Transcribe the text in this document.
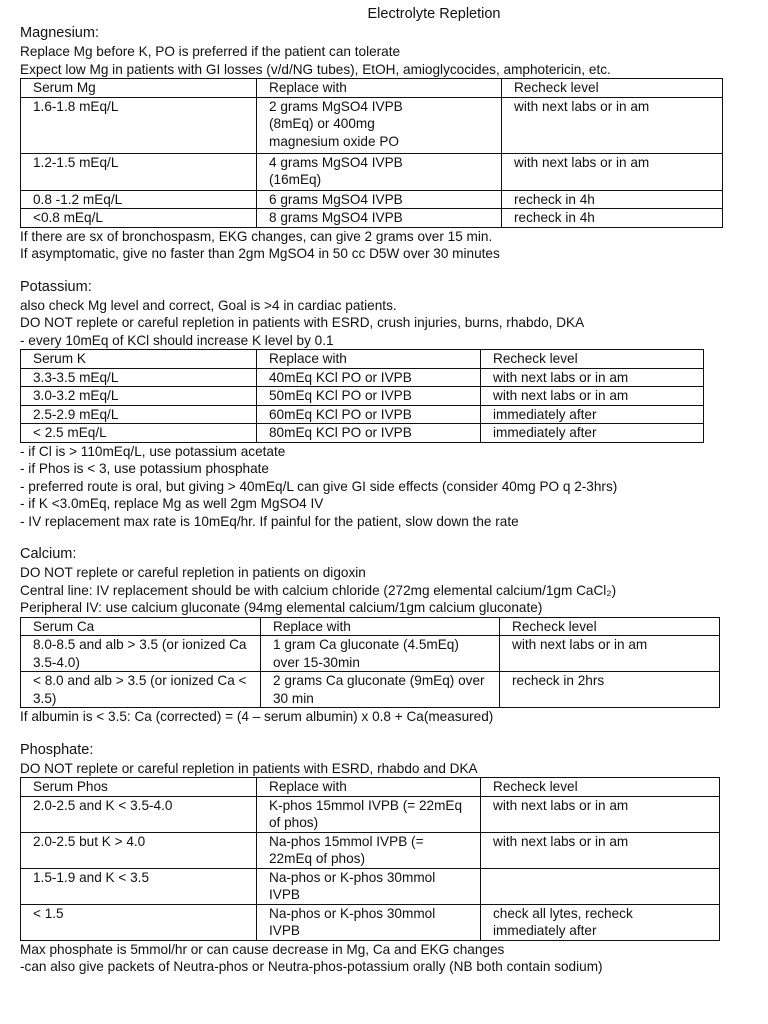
Electrolyte Repletion
Magnesium:
Replace Mg before K, PO is preferred if the patient can tolerate
Expect low Mg in patients with GI losses (v/d/NG tubes), EtOH, amioglycocides, amphotericin, etc.
Serum Mg	Replace with	Recheck level
1.6-1.8 mEq/L	2 grams MgSO4 IVPB (8mEq) or 400mg magnesium oxide PO	with next labs or in am
1.2-1.5 mEq/L	4 grams MgSO4 IVPB (16mEq)	with next labs or in am
0.8 -1.2 mEq/L	6 grams MgSO4 IVPB	recheck in 4h
<0.8 mEq/L	8 grams MgSO4 IVPB	recheck in 4h
If there are sx of bronchospasm, EKG changes, can give 2 grams over 15 min.
If asymptomatic, give no faster than 2gm MgSO4 in 50 cc D5W over 30 minutes
Potassium:
also check Mg level and correct, Goal is >4 in cardiac patients.
DO NOT replete or careful repletion in patients with ESRD, crush injuries, burns, rhabdo, DKA
- every 10mEq of KCl should increase K level by 0.1
Serum K	Replace with	Recheck level
3.3-3.5 mEq/L	40mEq KCl PO or IVPB	with next labs or in am
3.0-3.2 mEq/L	50mEq KCl PO or IVPB	with next labs or in am
2.5-2.9 mEq/L	60mEq KCl PO or IVPB	immediately after
< 2.5 mEq/L	80mEq KCl PO or IVPB	immediately after
- if Cl is > 110mEq/L, use potassium acetate
- if Phos is < 3, use potassium phosphate
- preferred route is oral, but giving > 40mEq/L can give GI side effects (consider 40mg PO q 2-3hrs)
- if K <3.0mEq, replace Mg as well 2gm MgSO4 IV
- IV replacement max rate is 10mEq/hr. If painful for the patient, slow down the rate
Calcium:
DO NOT replete or careful repletion in patients on digoxin
Central line: IV replacement should be with calcium chloride (272mg elemental calcium/1gm CaCl₂)
Peripheral IV: use calcium gluconate (94mg elemental calcium/1gm calcium gluconate)
Serum Ca	Replace with	Recheck level
8.0-8.5 and alb > 3.5 (or ionized Ca 3.5-4.0)	1 gram Ca gluconate (4.5mEq) over 15-30min	with next labs or in am
< 8.0 and alb > 3.5 (or ionized Ca < 3.5)	2 grams Ca gluconate (9mEq) over 30 min	recheck in 2hrs
If albumin is < 3.5: Ca (corrected) = (4 – serum albumin) x 0.8 + Ca(measured)
Phosphate:
DO NOT replete or careful repletion in patients with ESRD, rhabdo and DKA
Serum Phos	Replace with	Recheck level
2.0-2.5 and K < 3.5-4.0	K-phos 15mmol IVPB (= 22mEq of phos)	with next labs or in am
2.0-2.5 but K > 4.0	Na-phos 15mmol IVPB (= 22mEq of phos)	with next labs or in am
1.5-1.9 and K < 3.5	Na-phos or K-phos 30mmol IVPB	
< 1.5	Na-phos or K-phos 30mmol IVPB	check all lytes, recheck immediately after
Max phosphate is 5mmol/hr or can cause decrease in Mg, Ca and EKG changes
-can also give packets of Neutra-phos or Neutra-phos-potassium orally (NB both contain sodium)
